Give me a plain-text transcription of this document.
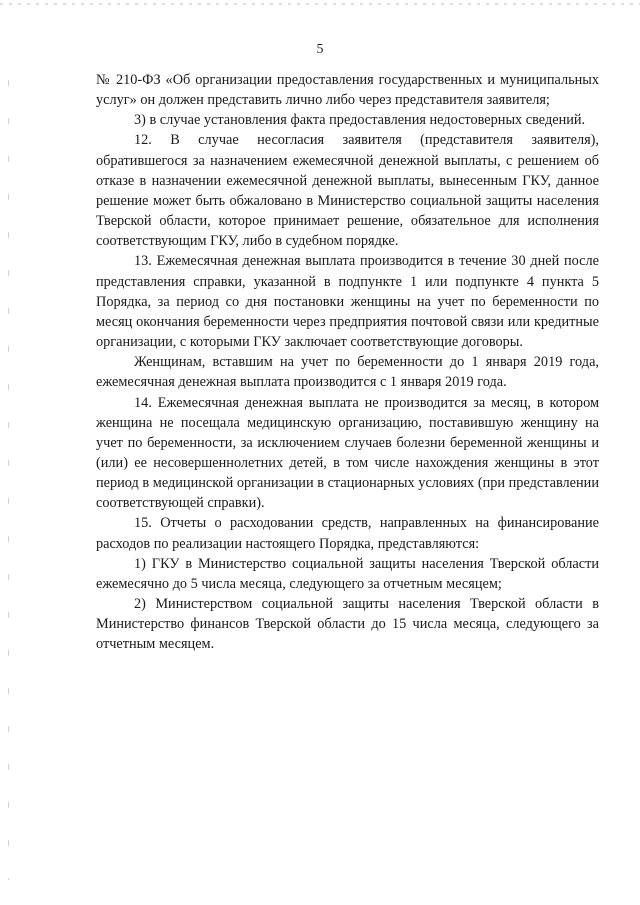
5

№ 210-ФЗ «Об организации предоставления государственных и муниципальных услуг» он должен представить лично либо через представителя заявителя;

3) в случае установления факта предоставления недостоверных сведений.

12. В случае несогласия заявителя (представителя заявителя), обратившегося за назначением ежемесячной денежной выплаты, с решением об отказе в назначении ежемесячной денежной выплаты, вынесенным ГКУ, данное решение может быть обжаловано в Министерство социальной защиты населения Тверской области, которое принимает решение, обязательное для исполнения соответствующим ГКУ, либо в судебном порядке.

13. Ежемесячная денежная выплата производится в течение 30 дней после представления справки, указанной в подпункте 1 или подпункте 4 пункта 5 Порядка, за период со дня постановки женщины на учет по беременности по месяц окончания беременности через предприятия почтовой связи или кредитные организации, с которыми ГКУ заключает соответствующие договоры.

Женщинам, вставшим на учет по беременности до 1 января 2019 года, ежемесячная денежная выплата производится с 1 января 2019 года.

14. Ежемесячная денежная выплата не производится за месяц, в котором женщина не посещала медицинскую организацию, поставившую женщину на учет по беременности, за исключением случаев болезни беременной женщины и (или) ее несовершеннолетних детей, в том числе нахождения женщины в этот период в медицинской организации в стационарных условиях (при представлении соответствующей справки).

15. Отчеты о расходовании средств, направленных на финансирование расходов по реализации настоящего Порядка, представляются:

1) ГКУ в Министерство социальной защиты населения Тверской области ежемесячно до 5 числа месяца, следующего за отчетным месяцем;

2) Министерством социальной защиты населения Тверской области в Министерство финансов Тверской области до 15 числа месяца, следующего за отчетным месяцем.
